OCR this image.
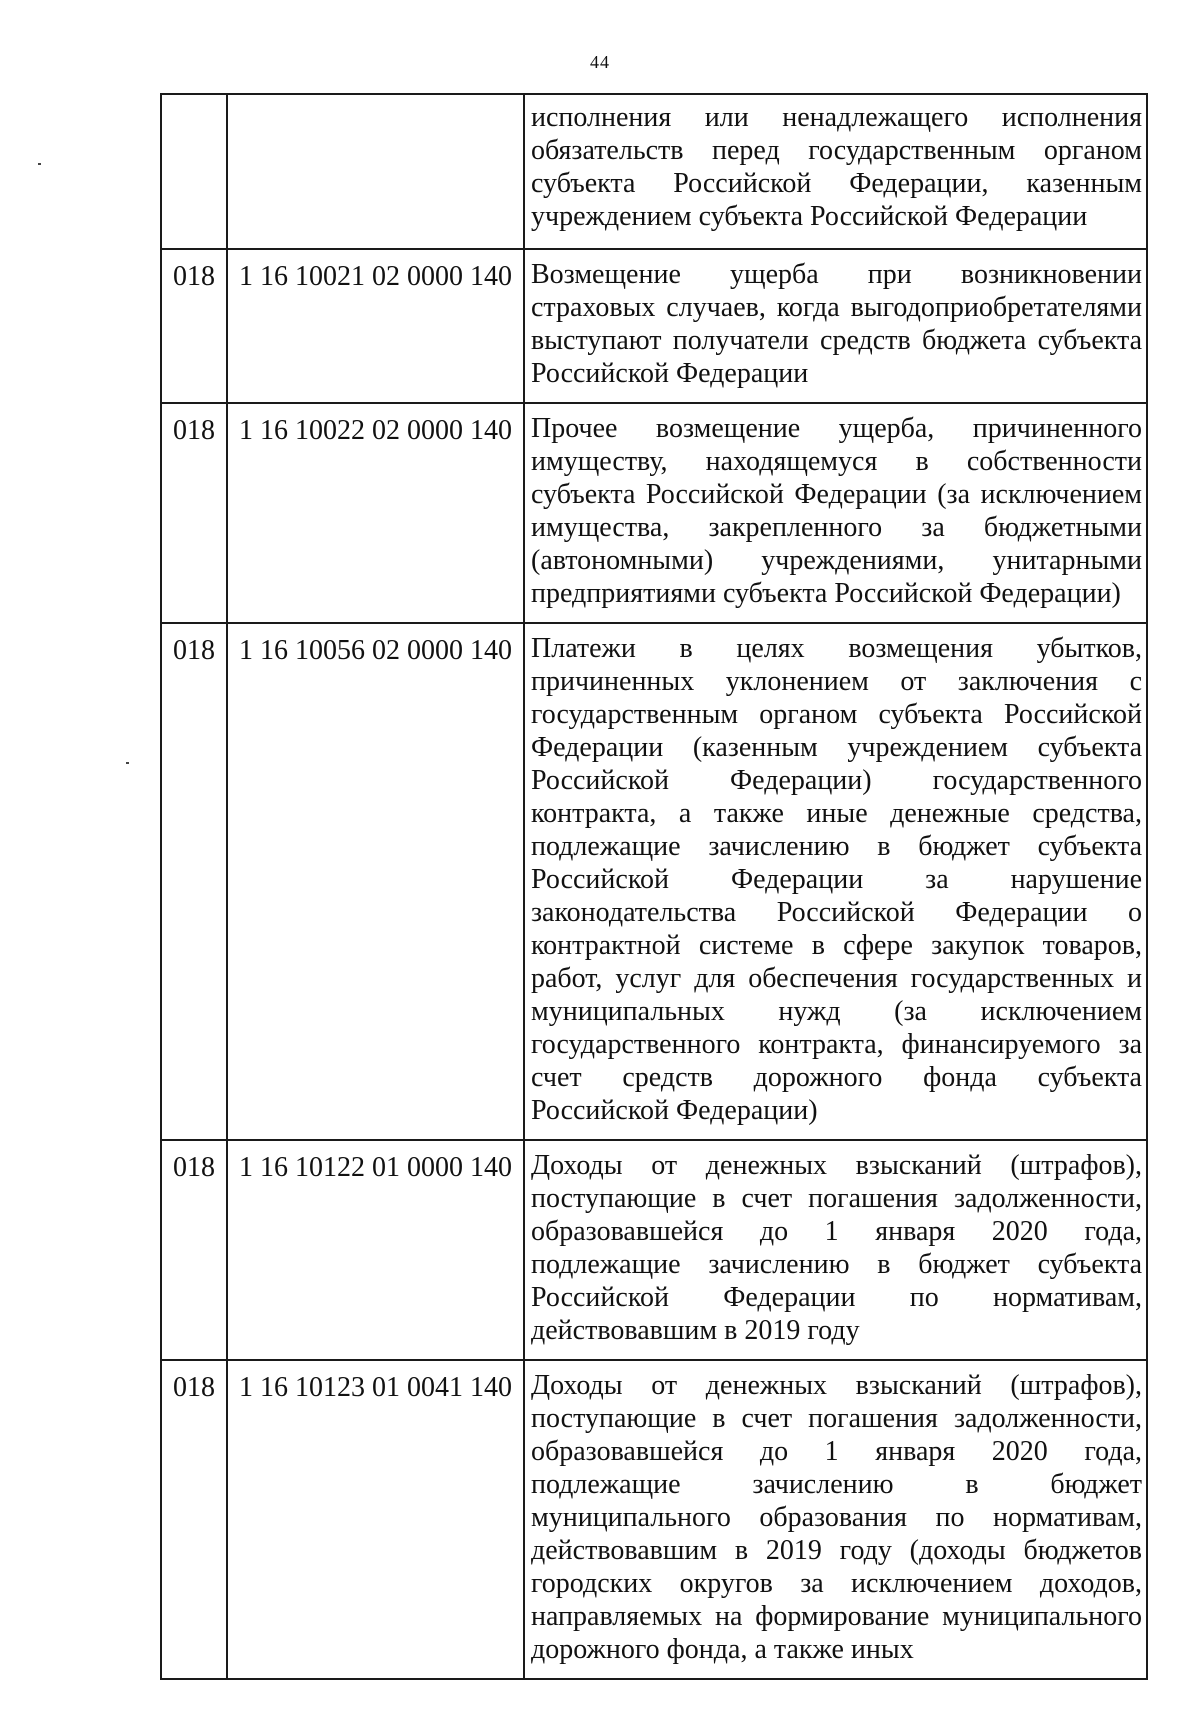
44

		исполнения или ненадлежащего исполнения обязательств перед государственным органом субъекта Российской Федерации, казенным учреждением субъекта Российской Федерации

018	1 16 10021 02 0000 140	Возмещение ущерба при возникновении страховых случаев, когда выгодоприобретателями выступают получатели средств бюджета субъекта Российской Федерации

018	1 16 10022 02 0000 140	Прочее возмещение ущерба, причиненного имуществу, находящемуся в собственности субъекта Российской Федерации (за исключением имущества, закрепленного за бюджетными (автономными) учреждениями, унитарными предприятиями субъекта Российской Федерации)

018	1 16 10056 02 0000 140	Платежи в целях возмещения убытков, причиненных уклонением от заключения с государственным органом субъекта Российской Федерации (казенным учреждением субъекта Российской Федерации) государственного контракта, а также иные денежные средства, подлежащие зачислению в бюджет субъекта Российской Федерации за нарушение законодательства Российской Федерации о контрактной системе в сфере закупок товаров, работ, услуг для обеспечения государственных и муниципальных нужд (за исключением государственного контракта, финансируемого за счет средств дорожного фонда субъекта Российской Федерации)

018	1 16 10122 01 0000 140	Доходы от денежных взысканий (штрафов), поступающие в счет погашения задолженности, образовавшейся до 1 января 2020 года, подлежащие зачислению в бюджет субъекта Российской Федерации по нормативам, действовавшим в 2019 году

018	1 16 10123 01 0041 140	Доходы от денежных взысканий (штрафов), поступающие в счет погашения задолженности, образовавшейся до 1 января 2020 года, подлежащие зачислению в бюджет муниципального образования по нормативам, действовавшим в 2019 году (доходы бюджетов городских округов за исключением доходов, направляемых на формирование муниципального дорожного фонда, а также иных
